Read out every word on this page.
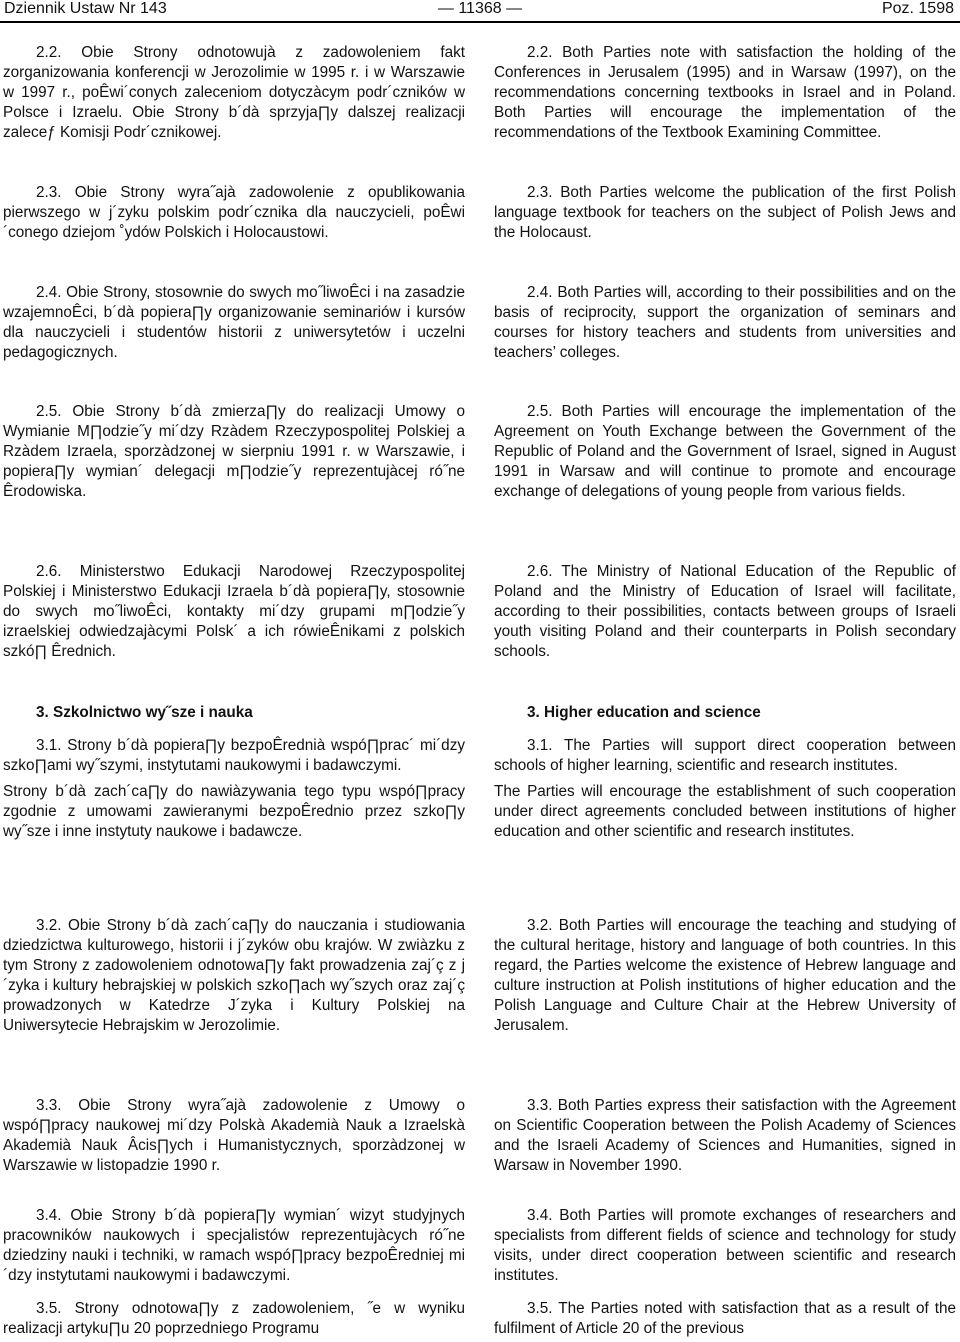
Dziennik Ustaw Nr 143	— 11368 —	Poz. 1598

2.2. Obie Strony odnotowujà z zadowoleniem fakt zorganizowania konferencji w Jerozolimie w 1995 r. i w Warszawie w 1997 r., poÊwi´conych zaleceniom dotyczàcym podr´czników w Polsce i Izraelu. Obie Strony b´dà sprzyja∏y dalszej realizacji zaleceƒ Komisji Podr´cznikowej.

2.3. Obie Strony wyra˝ajà zadowolenie z opublikowania pierwszego w j´zyku polskim podr´cznika dla nauczycieli, poÊwi´conego dziejom ˚ydów Polskich i Holocaustowi.

2.4. Obie Strony, stosownie do swych mo˝liwoÊci i na zasadzie wzajemnoÊci, b´dà popiera∏y organizowanie seminariów i kursów dla nauczycieli i studentów historii z uniwersytetów i uczelni pedagogicznych.

2.5. Obie Strony b´dà zmierza∏y do realizacji Umowy o Wymianie M∏odzie˝y mi´dzy Rzàdem Rzeczypospolitej Polskiej a Rzàdem Izraela, sporzàdzonej w sierpniu 1991 r. w Warszawie, i popiera∏y wymian´ delegacji m∏odzie˝y reprezentujàcej ró˝ne Êrodowiska.

2.6. Ministerstwo Edukacji Narodowej Rzeczypospolitej Polskiej i Ministerstwo Edukacji Izraela b´dà popiera∏y, stosownie do swych mo˝liwoÊci, kontakty mi´dzy grupami m∏odzie˝y izraelskiej odwiedzajàcymi Polsk´ a ich rówieÊnikami z polskich szkó∏ Êrednich.

3. Szkolnictwo wy˝sze i nauka

3.1. Strony b´dà popiera∏y bezpoÊrednià wspó∏prac´ mi´dzy szko∏ami wy˝szymi, instytutami naukowymi i badawczymi.

Strony b´dà zach´ca∏y do nawiàzywania tego typu wspó∏pracy zgodnie z umowami zawieranymi bezpoÊrednio przez szko∏y wy˝sze i inne instytuty naukowe i badawcze.

3.2. Obie Strony b´dà zach´ca∏y do nauczania i studiowania dziedzictwa kulturowego, historii i j´zyków obu krajów. W zwiàzku z tym Strony z zadowoleniem odnotowa∏y fakt prowadzenia zaj´ç z j´zyka i kultury hebrajskiej w polskich szko∏ach wy˝szych oraz zaj´ç prowadzonych w Katedrze J´zyka i Kultury Polskiej na Uniwersytecie Hebrajskim w Jerozolimie.

3.3. Obie Strony wyra˝ajà zadowolenie z Umowy o wspó∏pracy naukowej mi´dzy Polskà Akademià Nauk a Izraelskà Akademià Nauk Âcis∏ych i Humanistycznych, sporzàdzonej w Warszawie w listopadzie 1990 r.

3.4. Obie Strony b´dà popiera∏y wymian´ wizyt studyjnych pracowników naukowych i specjalistów reprezentujàcych ró˝ne dziedziny nauki i techniki, w ramach wspó∏pracy bezpoÊredniej mi´dzy instytutami naukowymi i badawczymi.

3.5. Strony odnotowa∏y z zadowoleniem, ˝e w wyniku realizacji artyku∏u 20 poprzedniego Programu

2.2. Both Parties note with satisfaction the holding of the Conferences in Jerusalem (1995) and in Warsaw (1997), on the recommendations concerning textbooks in Israel and in Poland. Both Parties will encourage the implementation of the recommendations of the Textbook Examining Committee.

2.3. Both Parties welcome the publication of the first Polish language textbook for teachers on the subject of Polish Jews and the Holocaust.

2.4. Both Parties will, according to their possibilities and on the basis of reciprocity, support the organization of seminars and courses for history teachers and students from universities and teachers’ colleges.

2.5. Both Parties will encourage the implementation of the Agreement on Youth Exchange between the Government of the Republic of Poland and the Government of Israel, signed in August 1991 in Warsaw and will continue to promote and encourage exchange of delegations of young people from various fields.

2.6. The Ministry of National Education of the Republic of Poland and the Ministry of Education of Israel will facilitate, according to their possibilities, contacts between groups of Israeli youth visiting Poland and their counterparts in Polish secondary schools.

3. Higher education and science

3.1. The Parties will support direct cooperation between schools of higher learning, scientific and research institutes.

The Parties will encourage the establishment of such cooperation under direct agreements concluded between institutions of higher education and other scientific and research institutes.

3.2. Both Parties will encourage the teaching and studying of the cultural heritage, history and language of both countries. In this regard, the Parties welcome the existence of Hebrew language and culture instruction at Polish institutions of higher education and the Polish Language and Culture Chair at the Hebrew University of Jerusalem.

3.3. Both Parties express their satisfaction with the Agreement on Scientific Cooperation between the Polish Academy of Sciences and the Israeli Academy of Sciences and Humanities, signed in Warsaw in November 1990.

3.4. Both Parties will promote exchanges of researchers and specialists from different fields of science and technology for study visits, under direct cooperation between scientific and research institutes.

3.5. The Parties noted with satisfaction that as a result of the fulfilment of Article 20 of the previous
